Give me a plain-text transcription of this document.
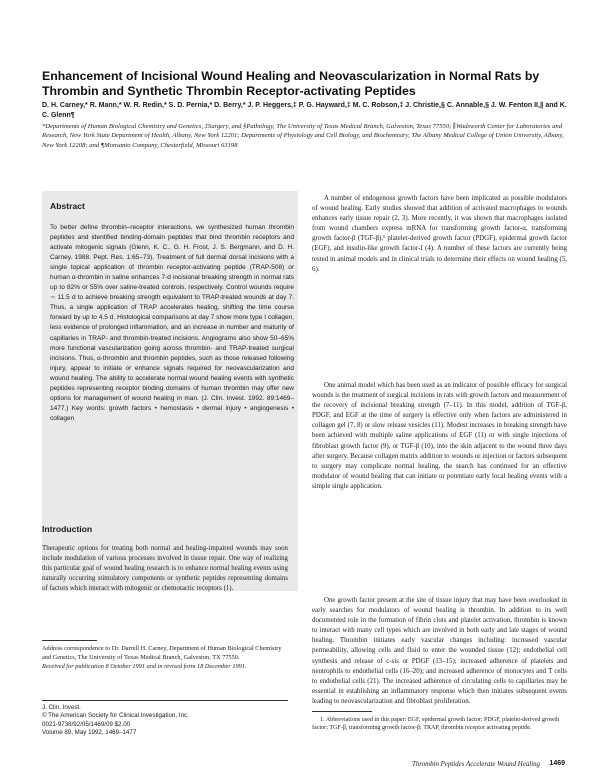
Enhancement of Incisional Wound Healing and Neovascularization in Normal Rats by Thrombin and Synthetic Thrombin Receptor-activating Peptides

D. H. Carney,* R. Mann,* W. R. Redin,* S. D. Pernia,* D. Berry,* J. P. Heggers,‡ P. G. Hayward,‡ M. C. Robson,‡ J. Christie,§ C. Annable,§ J. W. Fenton II,∥ and K. C. Glenn¶

*Departments of Human Biological Chemistry and Genetics, ‡Surgery, and §Pathology, The University of Texas Medical Branch, Galveston, Texas 77550; ∥Wadsworth Center for Laboratories and Research, New York State Department of Health, Albany, New York 12201; Departments of Physiology and Cell Biology, and Biochemistry, The Albany Medical College of Union University, Albany, New York 12208; and ¶Monsanto Company, Chesterfield, Missouri 63198

Abstract

To better define thrombin–receptor interactions, we synthesized human thrombin peptides and identified binding-domain peptides that bind thrombin receptors and activate mitogenic signals (Glenn, K. C., G. H. Frost, J. S. Bergmann, and D. H. Carney. 1988. Pept. Res. 1:65–73). Treatment of full dermal dorsal incisions with a single topical application of thrombin receptor-activating peptide (TRAP-508) or human α-thrombin in saline enhances 7-d incisional breaking strength in normal rats up to 82% or 55% over saline-treated controls, respectively. Control wounds require ∼ 11.5 d to achieve breaking strength equivalent to TRAP-treated wounds at day 7. Thus, a single application of TRAP accelerates healing, shifting the time course forward by up to 4.5 d. Histological comparisons at day 7 show more type I collagen, less evidence of prolonged inflammation, and an increase in number and maturity of capillaries in TRAP- and thrombin-treated incisions. Angiograms also show 50–65% more functional vascularization going across thrombin- and TRAP-treated surgical incisions. Thus, α-thrombin and thrombin peptides, such as those released following injury, appear to initiate or enhance signals required for neovascularization and wound healing. The ability to accelerate normal wound healing events with synthetic peptides representing receptor binding domains of human thrombin may offer new options for management of wound healing in man. (J. Clin. Invest. 1992. 89:1469–1477.) Key words: growth factors • hemostasis • dermal injury • angiogenesis • collagen

Introduction

Therapeutic options for treating both normal and healing-impaired wounds may soon include modulation of various processes involved in tissue repair. One way of realizing this particular goal of wound healing research is to enhance normal healing events using naturally occurring stimulatory components or synthetic peptides representing domains of factors which interact with mitogenic or chemotactic receptors (1).

Address correspondence to Dr. Darrell H. Carney, Department of Human Biological Chemistry and Genetics, The University of Texas Medical Branch, Galveston, TX 77550.
Received for publication 8 October 1991 and in revised form 18 December 1991.

J. Clin. Invest.
© The American Society for Clinical Investigation, Inc.
0021-9738/92/05/1469/09 $2.00
Volume 89, May 1992, 1469–1477

A number of endogenous growth factors have been implicated as possible modulators of wound healing. Early studies showed that addition of activated macrophages to wounds enhances early tissue repair (2, 3). More recently, it was shown that macrophages isolated from wound chambers express mRNA for transforming growth factor-α, transforming growth factor-β (TGF-β),¹ platelet-derived growth factor (PDGF), epidermal growth factor (EGF), and insulin-like growth factor-I (4). A number of these factors are currently being tested in animal models and in clinical trials to determine their effects on wound healing (5, 6).

One animal model which has been used as an indicator of possible efficacy for surgical wounds is the treatment of surgical incisions in rats with growth factors and measurement of the recovery of incisional breaking strength (7–11). In this model, addition of TGF-β, PDGF, and EGF at the time of surgery is effective only when factors are administered in collagen gel (7, 8) or slow release vesicles (11). Modest increases in breaking strength have been achieved with multiple saline applications of EGF (11) or with single injections of fibroblast growth factor (9), or TGF-β (10), into the skin adjacent to the wound three days after surgery. Because collagen matrix addition to wounds or injection or factors subsequent to surgery may complicate normal healing, the search has continued for an effective modulator of wound healing that can initiate or potentiate early local healing events with a simple single application.

One growth factor present at the site of tissue injury that may have been overlooked in early searches for modulators of wound healing is thrombin. In addition to its well documented role in the formation of fibrin clots and platelet activation, thrombin is known to interact with many cell types which are involved in both early and late stages of wound healing. Thrombin initiates early vascular changes including: increased vascular permeability, allowing cells and fluid to enter the wounded tissue (12); endothelial cell synthesis and release of c-sis or PDGF (13–15); increased adherence of platelets and neutrophils to endothelial cells (16–20); and increased adherence of monocytes and T cells to endothelial cells (21). The increased adherence of circulating cells to capillaries may be essential in establishing an inflammatory response which then initiates subsequent events leading to neovascularization and fibroblast proliferation.

1. Abbreviations used in this paper: EGF, epidermal growth factor; PDGF, platelet-derived growth factor; TGF-β, transforming growth factor-β; TRAP, thrombin receptor activating peptide.

Thrombin Peptides Accelerate Wound Healing 1469
